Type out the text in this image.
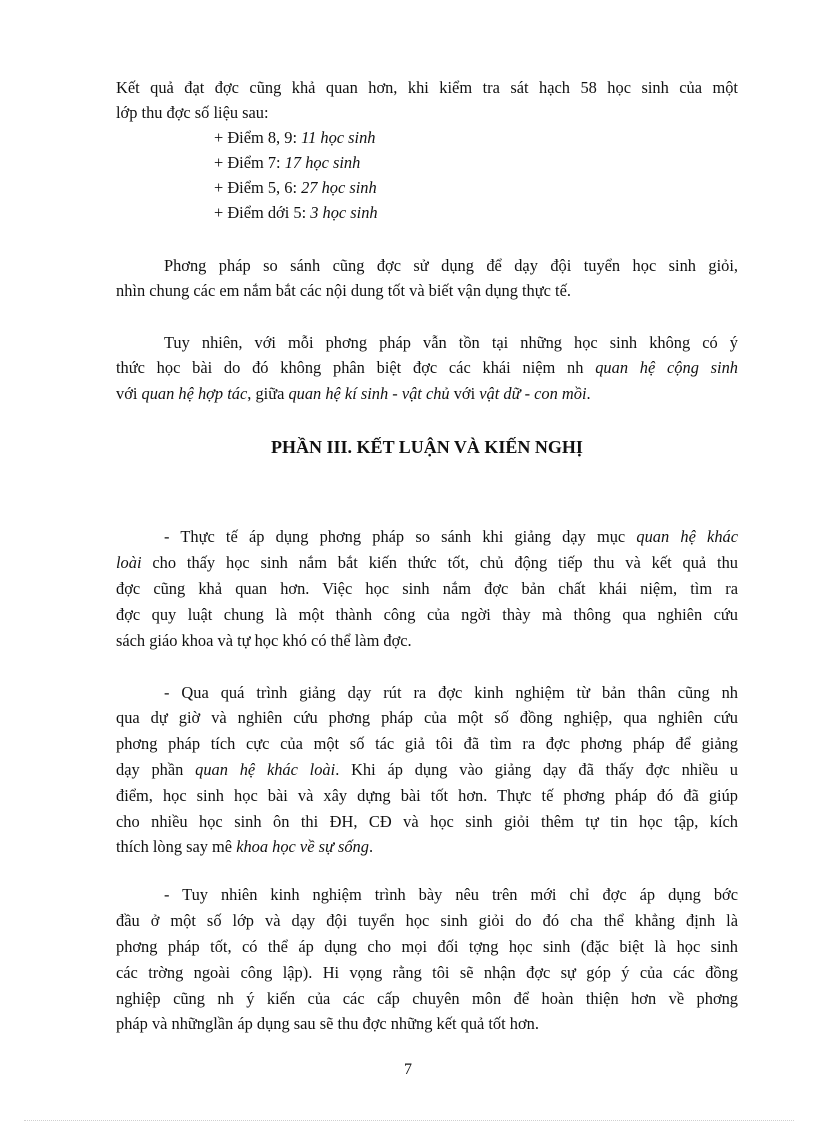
Kết quả đạt đợc cũng khả quan hơn, khi kiểm tra sát hạch 58 học sinh của một
lớp thu đợc số liệu sau:
+ Điểm 8, 9: 11 học sinh
+ Điểm 7: 17 học sinh
+ Điểm 5, 6: 27 học sinh
+ Điểm dới 5: 3 học sinh
Phơng pháp so sánh cũng đợc sử dụng để dạy đội tuyển học sinh giỏi,
nhìn chung các em nắm bắt các nội dung tốt và biết vận dụng thực tế.
Tuy nhiên, với mỗi phơng pháp vẫn tồn tại những học sinh không có ý
thức học bài do đó không phân biệt đợc các khái niệm nh quan hệ cộng sinh
với quan hệ hợp tác, giữa quan hệ kí sinh - vật chủ với vật dữ - con mồi.
PHẦN III. KẾT LUẬN VÀ KIẾN NGHỊ
- Thực tế áp dụng phơng pháp so sánh khi giảng dạy mục quan hệ khác
loài cho thấy học sinh nắm bắt kiến thức tốt, chủ động tiếp thu và kết quả thu
đợc cũng khả quan hơn. Việc học sinh nắm đợc bản chất khái niệm, tìm ra
đợc quy luật chung là một thành công của ngời thày mà thông qua nghiên cứu
sách giáo khoa và tự học khó có thể làm đợc.
- Qua quá trình giảng dạy rút ra đợc kinh nghiệm từ bản thân cũng nh
qua dự giờ và nghiên cứu phơng pháp của một số đồng nghiệp, qua nghiên cứu
phơng pháp tích cực của một số tác giả tôi đã tìm ra đợc phơng pháp để giảng
dạy phần quan hệ khác loài. Khi áp dụng vào giảng dạy đã thấy đợc nhiều u
điểm, học sinh học bài và xây dựng bài tốt hơn. Thực tế phơng pháp đó đã giúp
cho nhiều học sinh ôn thi ĐH, CĐ và học sinh giỏi thêm tự tin học tập, kích
thích lòng say mê khoa học về sự sống.
- Tuy nhiên kinh nghiệm trình bày nêu trên mới chỉ đợc áp dụng bớc
đầu ở một số lớp và dạy đội tuyển học sinh giỏi do đó cha thể khẳng định là
phơng pháp tốt, có thể áp dụng cho mọi đối tợng học sinh (đặc biệt là học sinh
các trờng ngoài công lập). Hi vọng rằng tôi sẽ nhận đợc sự góp ý của các đồng
nghiệp cũng nh ý kiến của các cấp chuyên môn để hoàn thiện hơn về phơng
pháp và nhữnglần áp dụng sau sẽ thu đợc những kết quả tốt hơn.
7
